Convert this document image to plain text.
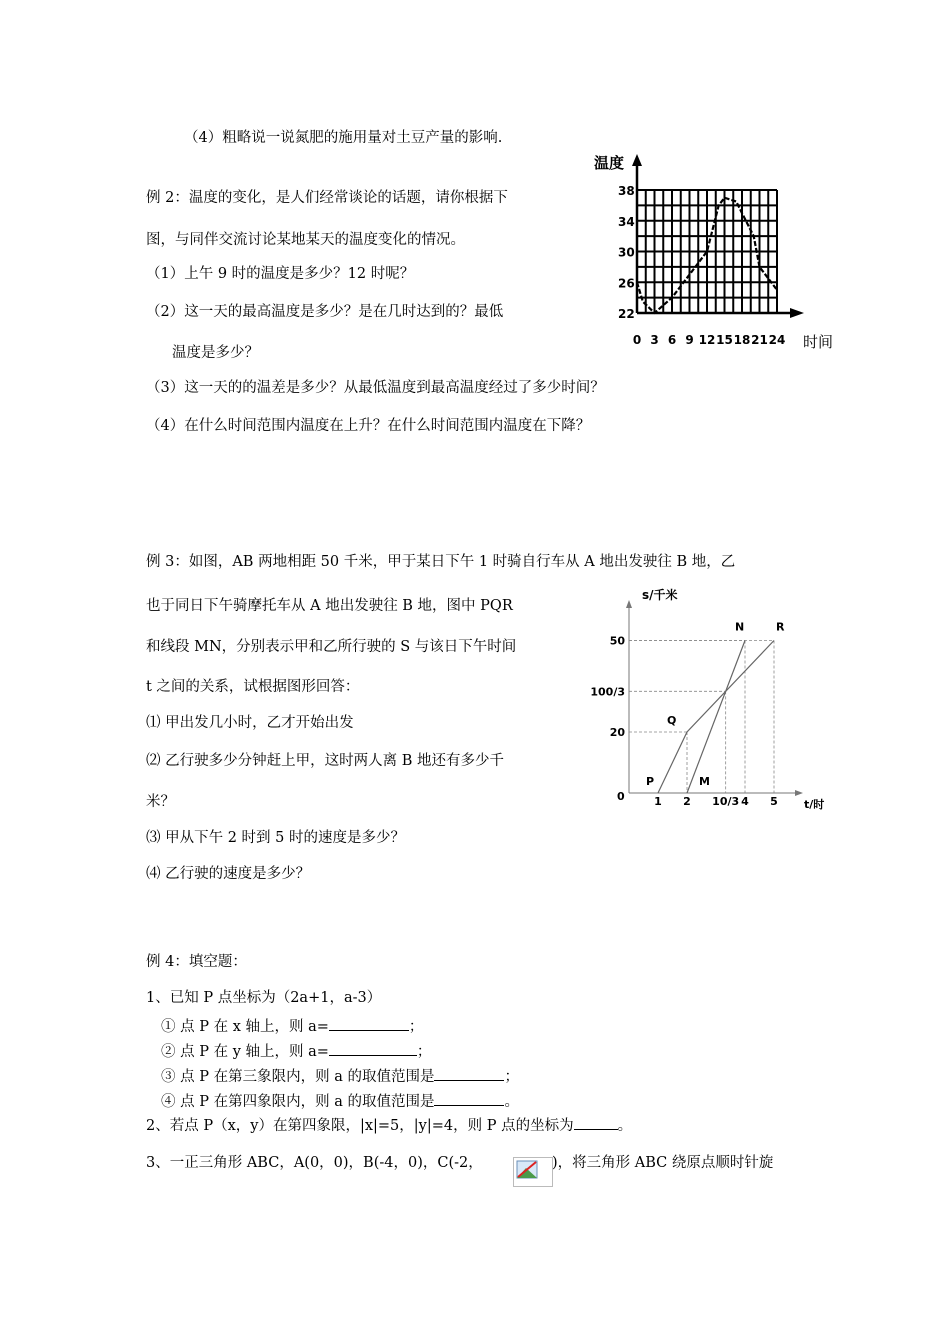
（4）粗略说一说氮肥的施用量对土豆产量的影响.
例 2：温度的变化，是人们经常谈论的话题，请你根据下
图，与同伴交流讨论某地某天的温度变化的情况。
（1）上午 9 时的温度是多少？12 时呢？
（2）这一天的最高温度是多少？是在几时达到的？最低
温度是多少？
（3）这一天的的温差是多少？从最低温度到最高温度经过了多少时间？
（4）在什么时间范围内温度在上升？在什么时间范围内温度在下降？
温度
时间
22
26
30
34
38
0 3 6 9 12 15 18 21 24
例 3：如图，AB 两地相距 50 千米，甲于某日下午 1 时骑自行车从 A 地出发驶往 B 地，乙
也于同日下午骑摩托车从 A 地出发驶往 B 地，图中 PQR
和线段 MN，分别表示甲和乙所行驶的 S 与该日下午时间
t 之间的关系，试根据图形回答：
⑴ 甲出发几小时，乙才开始出发
⑵ 乙行驶多少分钟赶上甲，这时两人离 B 地还有多少千
米？
⑶ 甲从下午 2 时到 5 时的速度是多少？
⑷ 乙行驶的速度是多少？
s/千米
t/时
0	1 2 10/3 4 5
20
100/3
50
P
Q
M
N	R
例 4：填空题：
1、已知 P 点坐标为（2a+1，a-3）
① 点 P 在 x 轴上，则 a=	；
② 点 P 在 y 轴上，则 a=	；
③ 点 P 在第三象限内，则 a 的取值范围是	；
④ 点 P 在第四象限内，则 a 的取值范围是	。
2、若点 P（x，y）在第四象限，|x|=5，|y|=4，则 P 点的坐标为	。
3、一正三角形 ABC，A(0，0)，B(-4，0)，C(-2，	)，将三角形 ABC 绕原点顺时针旋
